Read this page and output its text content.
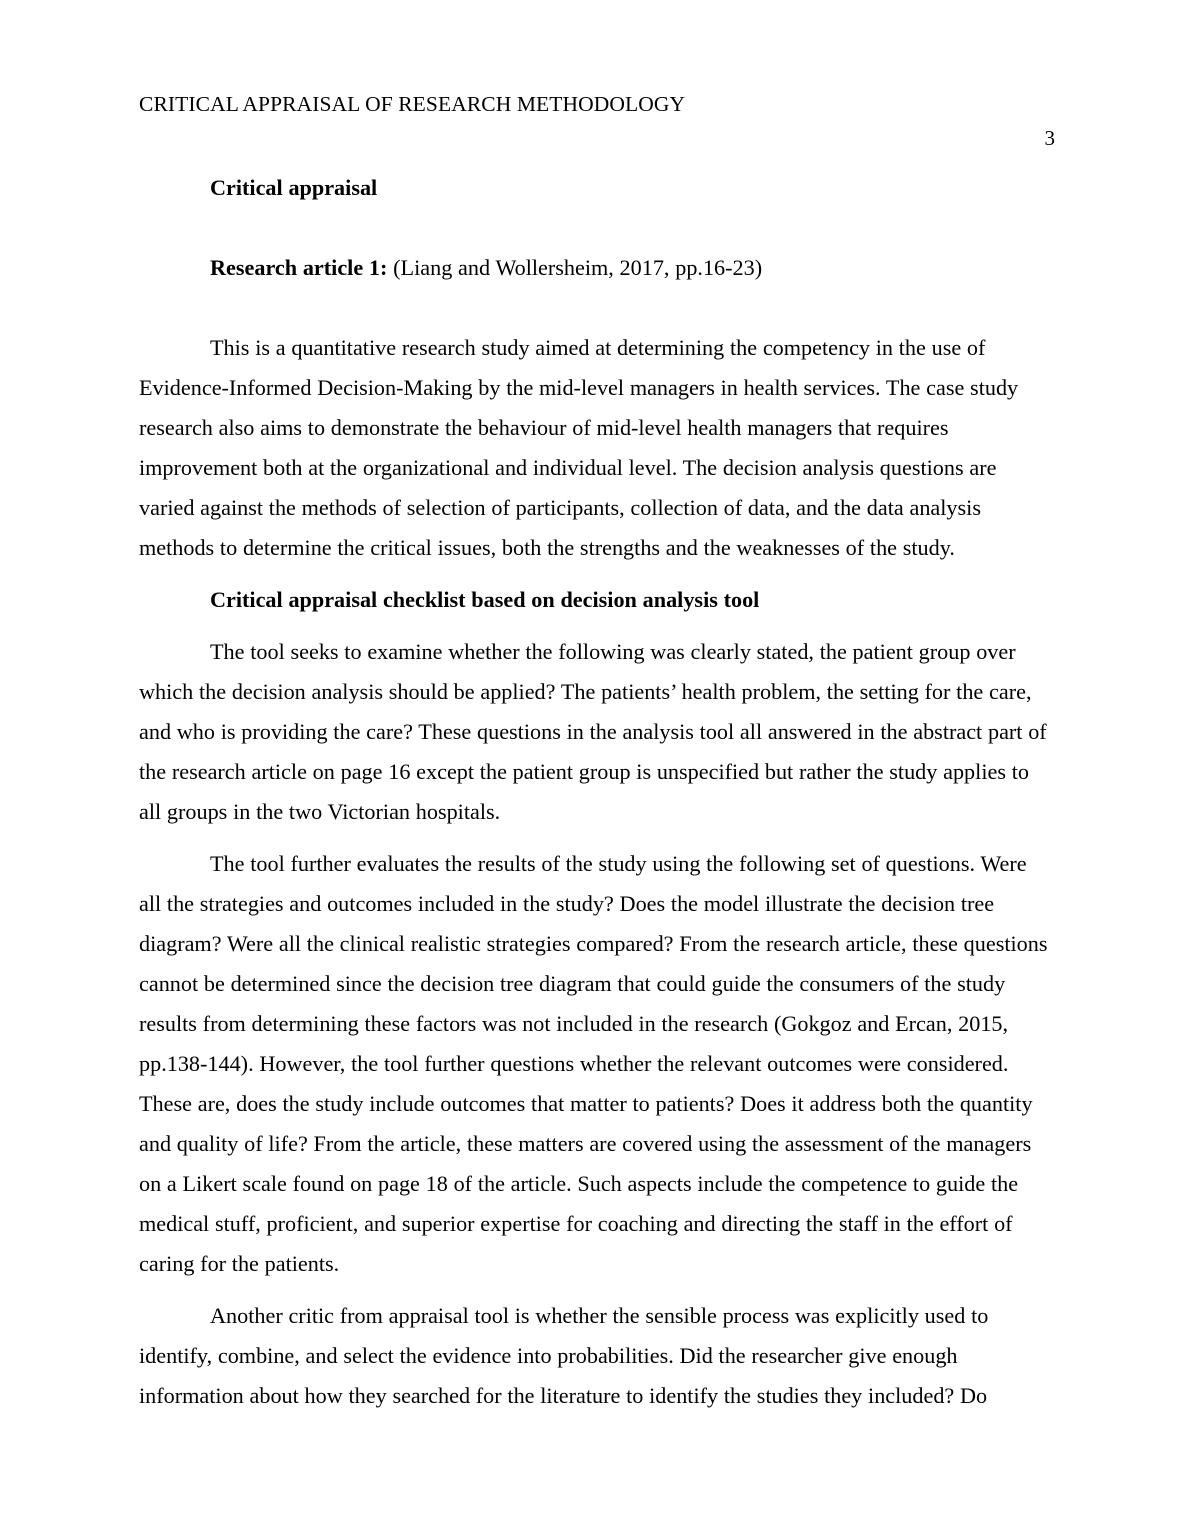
CRITICAL APPRAISAL OF RESEARCH METHODOLOGY
3
Critical appraisal
Research article 1: (Liang and Wollersheim, 2017, pp.16-23)
This is a quantitative research study aimed at determining the competency in the use of Evidence-Informed Decision-Making by the mid-level managers in health services. The case study research also aims to demonstrate the behaviour of mid-level health managers that requires improvement both at the organizational and individual level. The decision analysis questions are varied against the methods of selection of participants, collection of data, and the data analysis methods to determine the critical issues, both the strengths and the weaknesses of the study.
Critical appraisal checklist based on decision analysis tool
The tool seeks to examine whether the following was clearly stated, the patient group over which the decision analysis should be applied? The patients’ health problem, the setting for the care, and who is providing the care? These questions in the analysis tool all answered in the abstract part of the research article on page 16 except the patient group is unspecified but rather the study applies to all groups in the two Victorian hospitals.
The tool further evaluates the results of the study using the following set of questions. Were all the strategies and outcomes included in the study? Does the model illustrate the decision tree diagram? Were all the clinical realistic strategies compared? From the research article, these questions cannot be determined since the decision tree diagram that could guide the consumers of the study results from determining these factors was not included in the research (Gokgoz and Ercan, 2015, pp.138-144). However, the tool further questions whether the relevant outcomes were considered. These are, does the study include outcomes that matter to patients? Does it address both the quantity and quality of life? From the article, these matters are covered using the assessment of the managers on a Likert scale found on page 18 of the article. Such aspects include the competence to guide the medical stuff, proficient, and superior expertise for coaching and directing the staff in the effort of caring for the patients.
Another critic from appraisal tool is whether the sensible process was explicitly used to identify, combine, and select the evidence into probabilities. Did the researcher give enough information about how they searched for the literature to identify the studies they included? Do
